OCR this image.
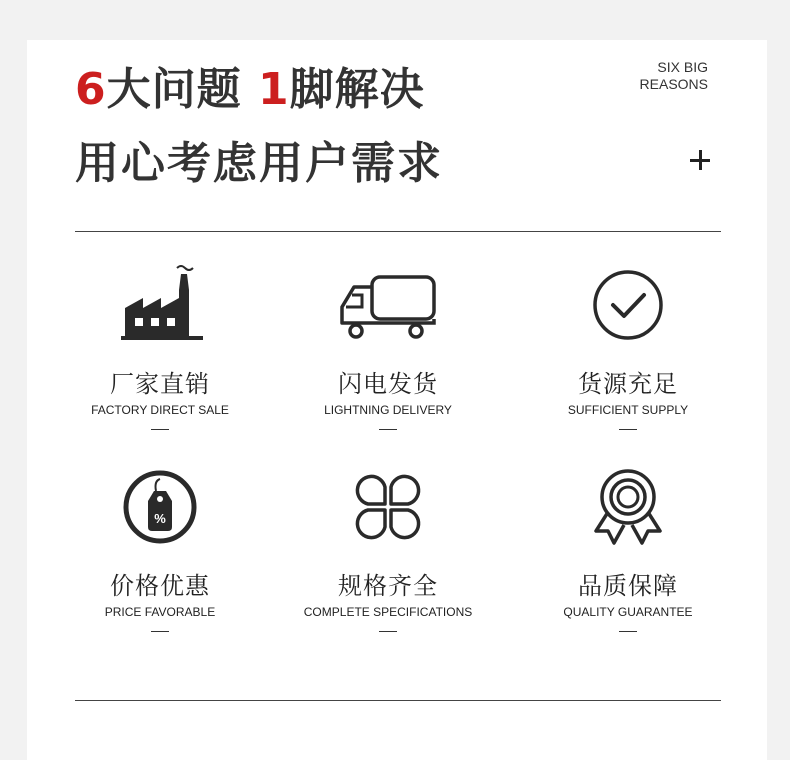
6大问题 1脚解决
用心考虑用户需求
SIX BIG
REASONS
厂家直销
FACTORY DIRECT SALE
闪电发货
LIGHTNING DELIVERY
货源充足
SUFFICIENT SUPPLY
%
价格优惠
PRICE FAVORABLE
规格齐全
COMPLETE SPECIFICATIONS
品质保障
QUALITY GUARANTEE
